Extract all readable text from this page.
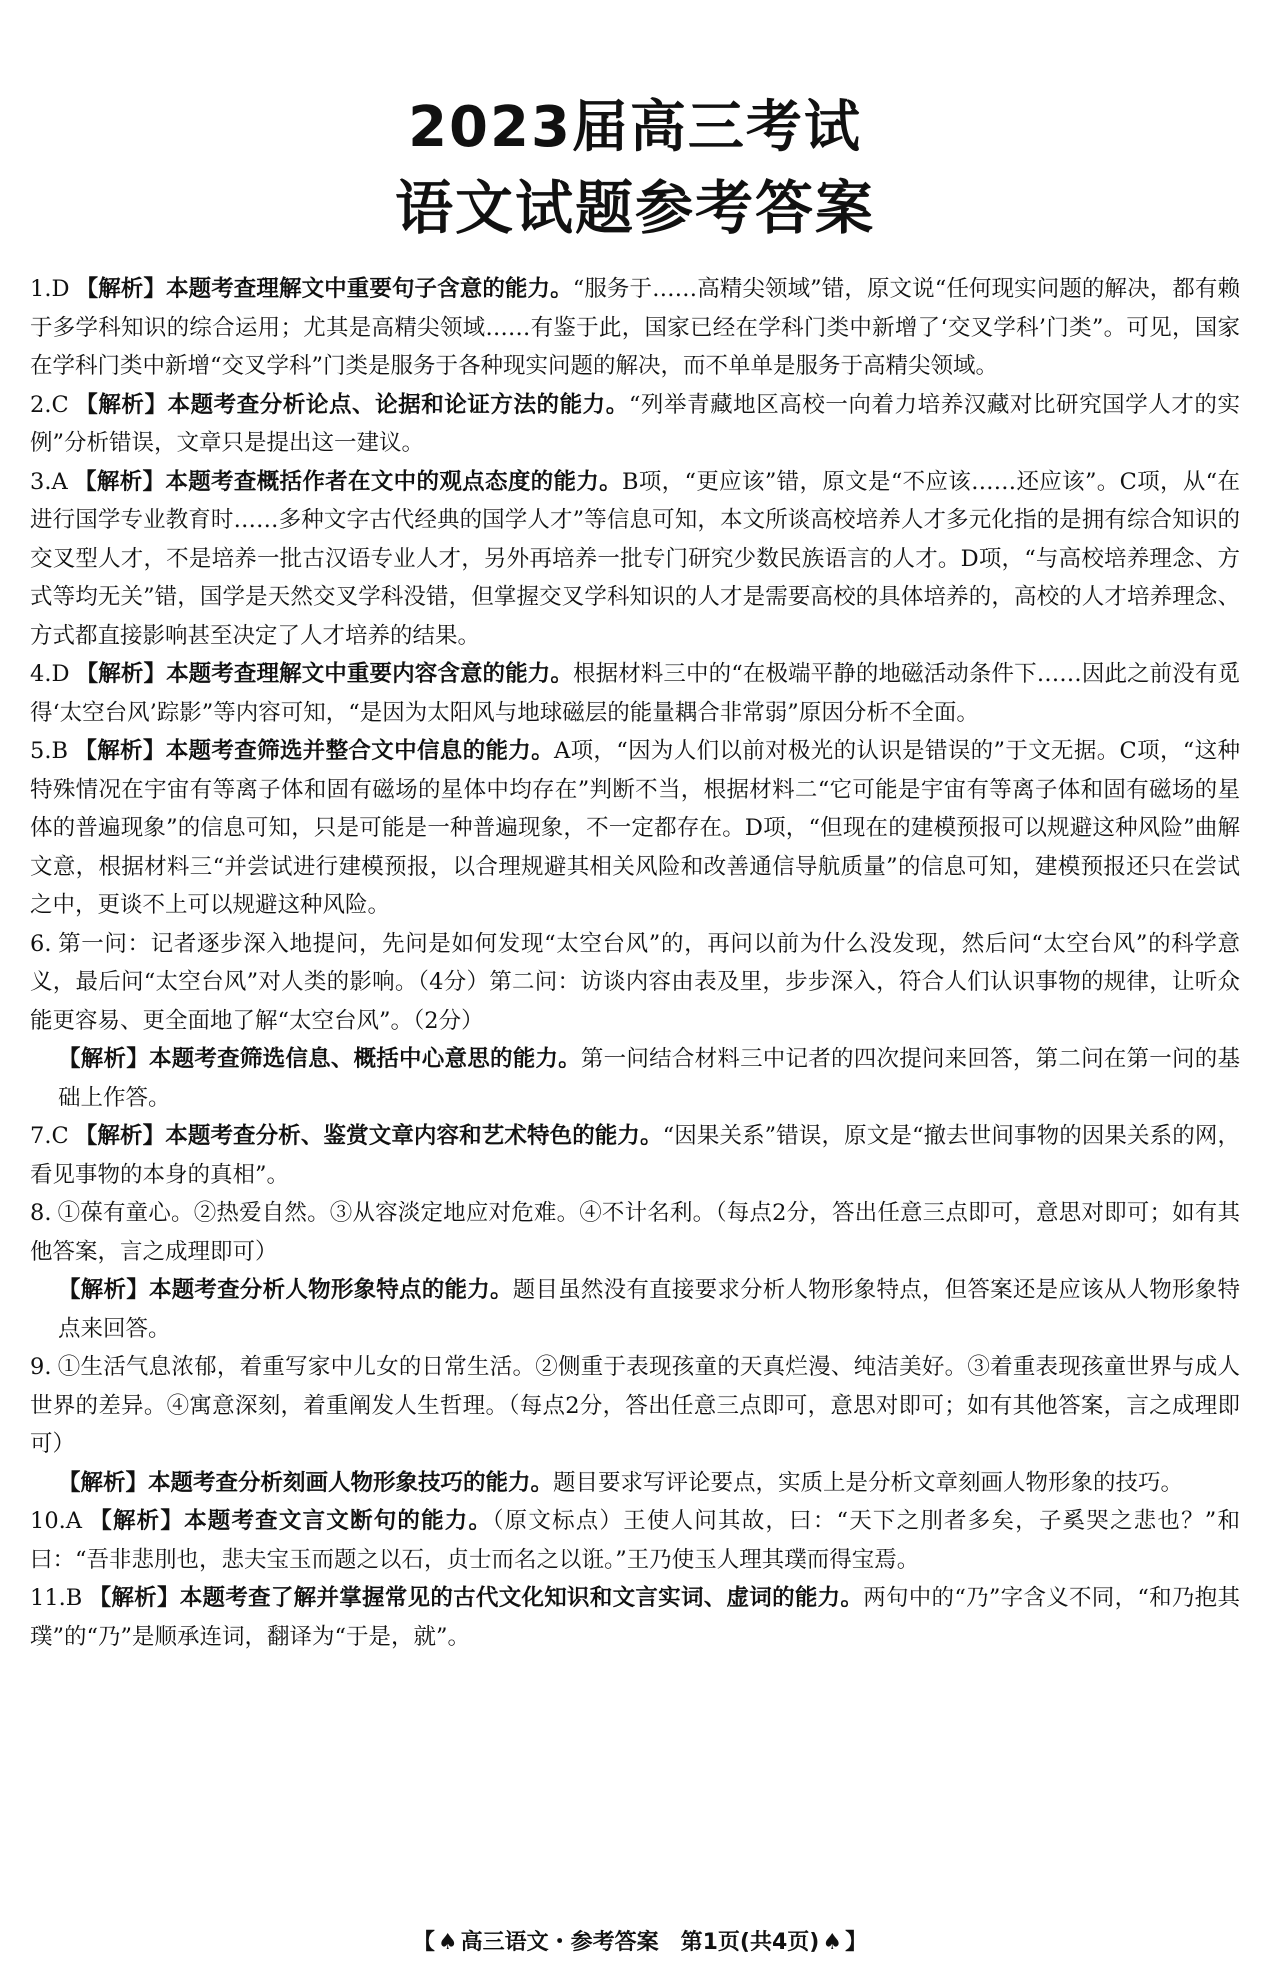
2023届高三考试
语文试题参考答案

1.D 【解析】本题考查理解文中重要句子含意的能力。“服务于……高精尖领域”错，原文说“任何现实问题的解决，都有赖于多学科知识的综合运用；尤其是高精尖领域……有鉴于此，国家已经在学科门类中新增了‘交叉学科’门类”。可见，国家在学科门类中新增“交叉学科”门类是服务于各种现实问题的解决，而不单单是服务于高精尖领域。

2.C 【解析】本题考查分析论点、论据和论证方法的能力。“列举青藏地区高校一向着力培养汉藏对比研究国学人才的实例”分析错误，文章只是提出这一建议。

3.A 【解析】本题考查概括作者在文中的观点态度的能力。B项，“更应该”错，原文是“不应该……还应该”。C项，从“在进行国学专业教育时……多种文字古代经典的国学人才”等信息可知，本文所谈高校培养人才多元化指的是拥有综合知识的交叉型人才，不是培养一批古汉语专业人才，另外再培养一批专门研究少数民族语言的人才。D项，“与高校培养理念、方式等均无关”错，国学是天然交叉学科没错，但掌握交叉学科知识的人才是需要高校的具体培养的，高校的人才培养理念、方式都直接影响甚至决定了人才培养的结果。

4.D 【解析】本题考查理解文中重要内容含意的能力。根据材料三中的“在极端平静的地磁活动条件下……因此之前没有觅得‘太空台风’踪影”等内容可知，“是因为太阳风与地球磁层的能量耦合非常弱”原因分析不全面。

5.B 【解析】本题考查筛选并整合文中信息的能力。A项，“因为人们以前对极光的认识是错误的”于文无据。C项，“这种特殊情况在宇宙有等离子体和固有磁场的星体中均存在”判断不当，根据材料二“它可能是宇宙有等离子体和固有磁场的星体的普遍现象”的信息可知，只是可能是一种普遍现象，不一定都存在。D项，“但现在的建模预报可以规避这种风险”曲解文意，根据材料三“并尝试进行建模预报，以合理规避其相关风险和改善通信导航质量”的信息可知，建模预报还只在尝试之中，更谈不上可以规避这种风险。

6. 第一问：记者逐步深入地提问，先问是如何发现“太空台风”的，再问以前为什么没发现，然后问“太空台风”的科学意义，最后问“太空台风”对人类的影响。（4分）第二问：访谈内容由表及里，步步深入，符合人们认识事物的规律，让听众能更容易、更全面地了解“太空台风”。（2分）

【解析】本题考查筛选信息、概括中心意思的能力。第一问结合材料三中记者的四次提问来回答，第二问在第一问的基础上作答。

7.C 【解析】本题考查分析、鉴赏文章内容和艺术特色的能力。“因果关系”错误，原文是“撤去世间事物的因果关系的网，看见事物的本身的真相”。

8. ①葆有童心。②热爱自然。③从容淡定地应对危难。④不计名利。（每点2分，答出任意三点即可，意思对即可；如有其他答案，言之成理即可）

【解析】本题考查分析人物形象特点的能力。题目虽然没有直接要求分析人物形象特点，但答案还是应该从人物形象特点来回答。

9. ①生活气息浓郁，着重写家中儿女的日常生活。②侧重于表现孩童的天真烂漫、纯洁美好。③着重表现孩童世界与成人世界的差异。④寓意深刻，着重阐发人生哲理。（每点2分，答出任意三点即可，意思对即可；如有其他答案，言之成理即可）

【解析】本题考查分析刻画人物形象技巧的能力。题目要求写评论要点，实质上是分析文章刻画人物形象的技巧。

10.A 【解析】本题考查文言文断句的能力。（原文标点）王使人问其故，曰：“天下之刖者多矣，子奚哭之悲也？”和曰：“吾非悲刖也，悲夫宝玉而题之以石，贞士而名之以诳。”王乃使玉人理其璞而得宝焉。

11.B 【解析】本题考查了解并掌握常见的古代文化知识和文言实词、虚词的能力。两句中的“乃”字含义不同，“和乃抱其璞”的“乃”是顺承连词，翻译为“于是，就”。

【 ♠ 高三语文・参考答案　第1页(共4页) ♠ 】
